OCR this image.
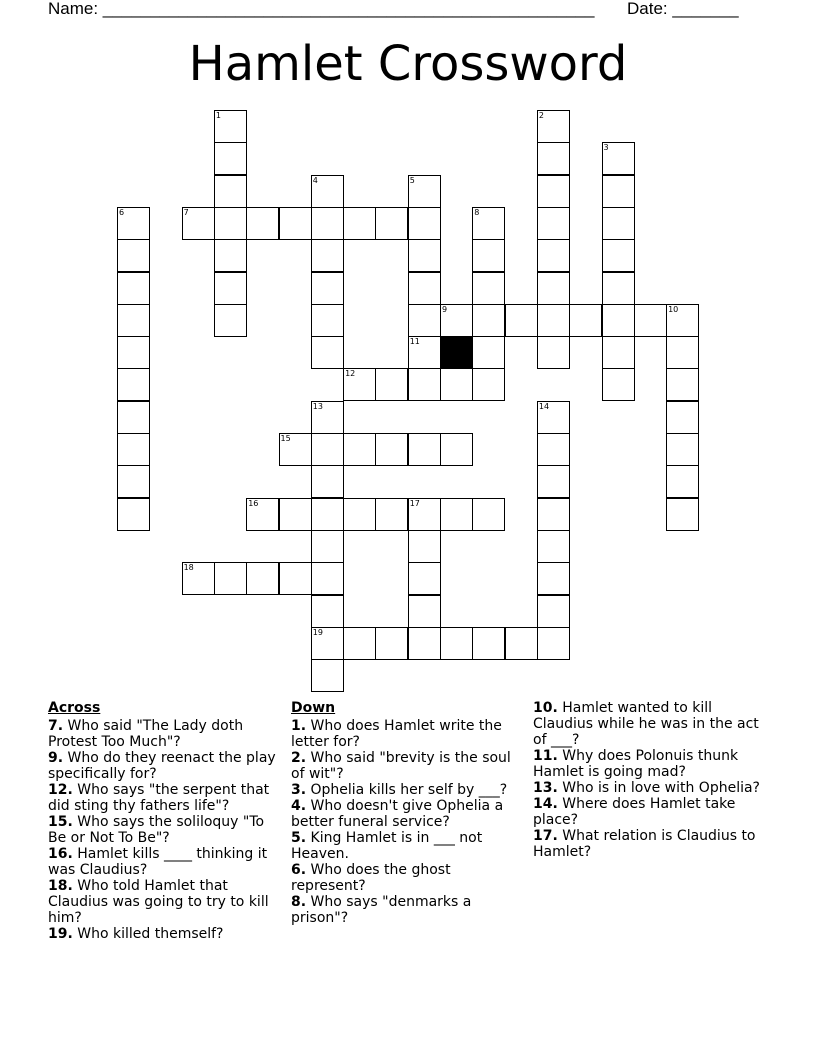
Name: ____________________________________________________ Date: _______
Hamlet Crossword
1	2
3
4	5
11
6	7	8
9	10
12
13
19
14
15
16	17
18
Across

7. Who said "The Lady doth Protest Too Much"?

9. Who do they reenact the play specifically for?

12. Who says "the serpent that did sting thy fathers life"?

15. Who says the soliloquy "To Be or Not To Be"?

16. Hamlet kills ____ thinking it was Claudius?

18. Who told Hamlet that Claudius was going to try to kill him?

19. Who killed themself?

Down

1. Who does Hamlet write the letter for?

2. Who said "brevity is the soul of wit"?

3. Ophelia kills her self by ___?

4. Who doesn't give Ophelia a better funeral service?

5. King Hamlet is in ___ not Heaven.

6. Who does the ghost represent?

8. Who says "denmarks a prison"?

10. Hamlet wanted to kill Claudius while he was in the act of ___?

11. Why does Polonuis thunk Hamlet is going mad?

13. Who is in love with Ophelia?

14. Where does Hamlet take place?

17. What relation is Claudius to Hamlet?
